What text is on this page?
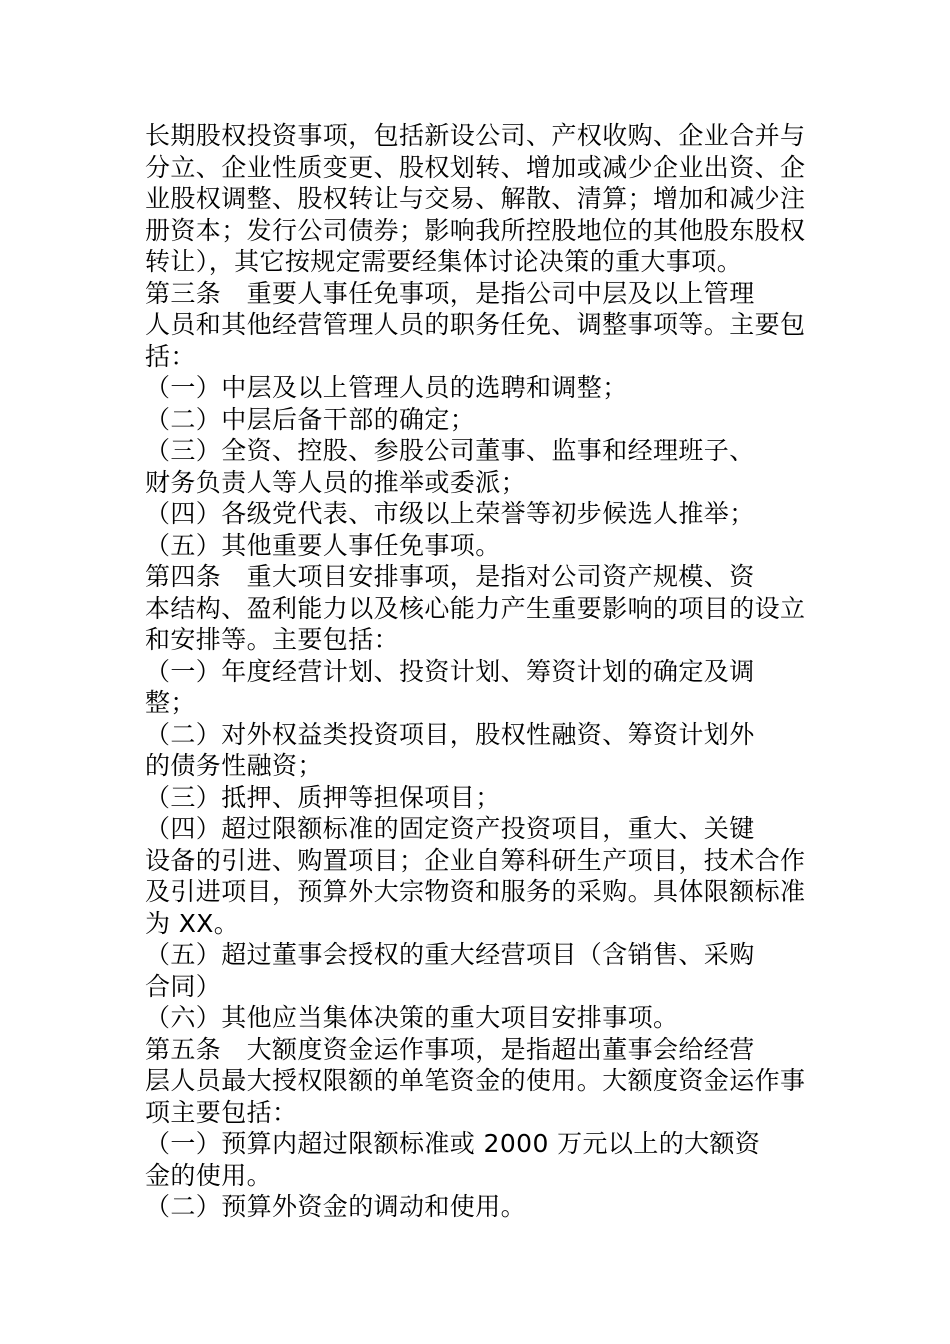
长期股权投资事项，包括新设公司、产权收购、企业合并与

分立、企业性质变更、股权划转、增加或减少企业出资、企

业股权调整、股权转让与交易、解散、清算；增加和减少注

册资本；发行公司债券；影响我所控股地位的其他股东股权

转让），其它按规定需要经集体讨论决策的重大事项。

第三条　重要人事任免事项，是指公司中层及以上管理

人员和其他经营管理人员的职务任免、调整事项等。主要包

括：

（一）中层及以上管理人员的选聘和调整；

（二）中层后备干部的确定；

（三）全资、控股、参股公司董事、监事和经理班子、

财务负责人等人员的推举或委派；

（四）各级党代表、市级以上荣誉等初步候选人推举；

（五）其他重要人事任免事项。

第四条　重大项目安排事项，是指对公司资产规模、资

本结构、盈利能力以及核心能力产生重要影响的项目的设立

和安排等。主要包括：

（一）年度经营计划、投资计划、筹资计划的确定及调

整；

（二）对外权益类投资项目，股权性融资、筹资计划外

的债务性融资；

（三）抵押、质押等担保项目；

（四）超过限额标准的固定资产投资项目，重大、关键

设备的引进、购置项目；企业自筹科研生产项目，技术合作

及引进项目，预算外大宗物资和服务的采购。具体限额标准

为 XX。

（五）超过董事会授权的重大经营项目（含销售、采购

合同）

（六）其他应当集体决策的重大项目安排事项。

第五条　大额度资金运作事项，是指超出董事会给经营

层人员最大授权限额的单笔资金的使用。大额度资金运作事

项主要包括：

（一）预算内超过限额标准或 2000 万元以上的大额资

金的使用。

（二）预算外资金的调动和使用。
